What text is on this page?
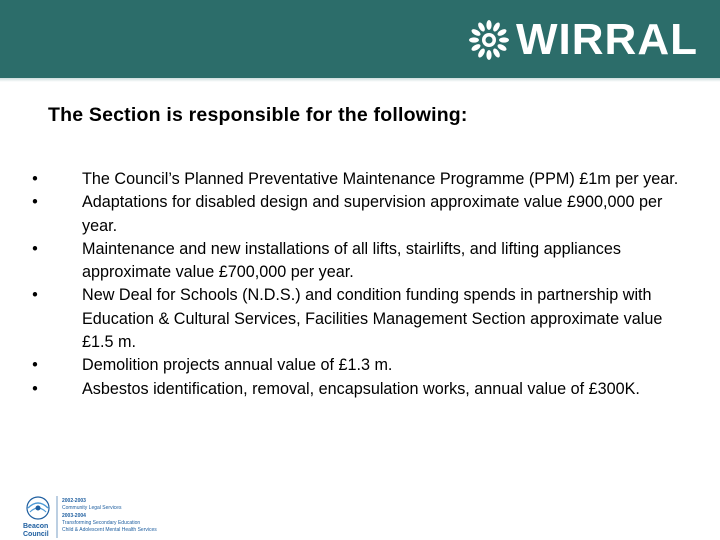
WIRRAL
The Section is responsible for the following:
•	The Council’s Planned Preventative Maintenance Programme (PPM) £1m per year.
•	Adaptations for disabled design and supervision approximate value £900,000 per year.
•	Maintenance and new installations of all lifts, stairlifts, and lifting appliances approximate value £700,000 per year.
•	New Deal for Schools (N.D.S.) and condition funding spends in partnership with Education & Cultural Services, Facilities Management Section approximate value £1.5 m.
•	Demolition projects annual value of £1.3 m.
•	Asbestos identification, removal, encapsulation works, annual value of £300K.
Beacon
Council
2002-2003
Community Legal Services
2003-2004
Transforming Secondary Education
Child & Adolescent Mental Health Services
